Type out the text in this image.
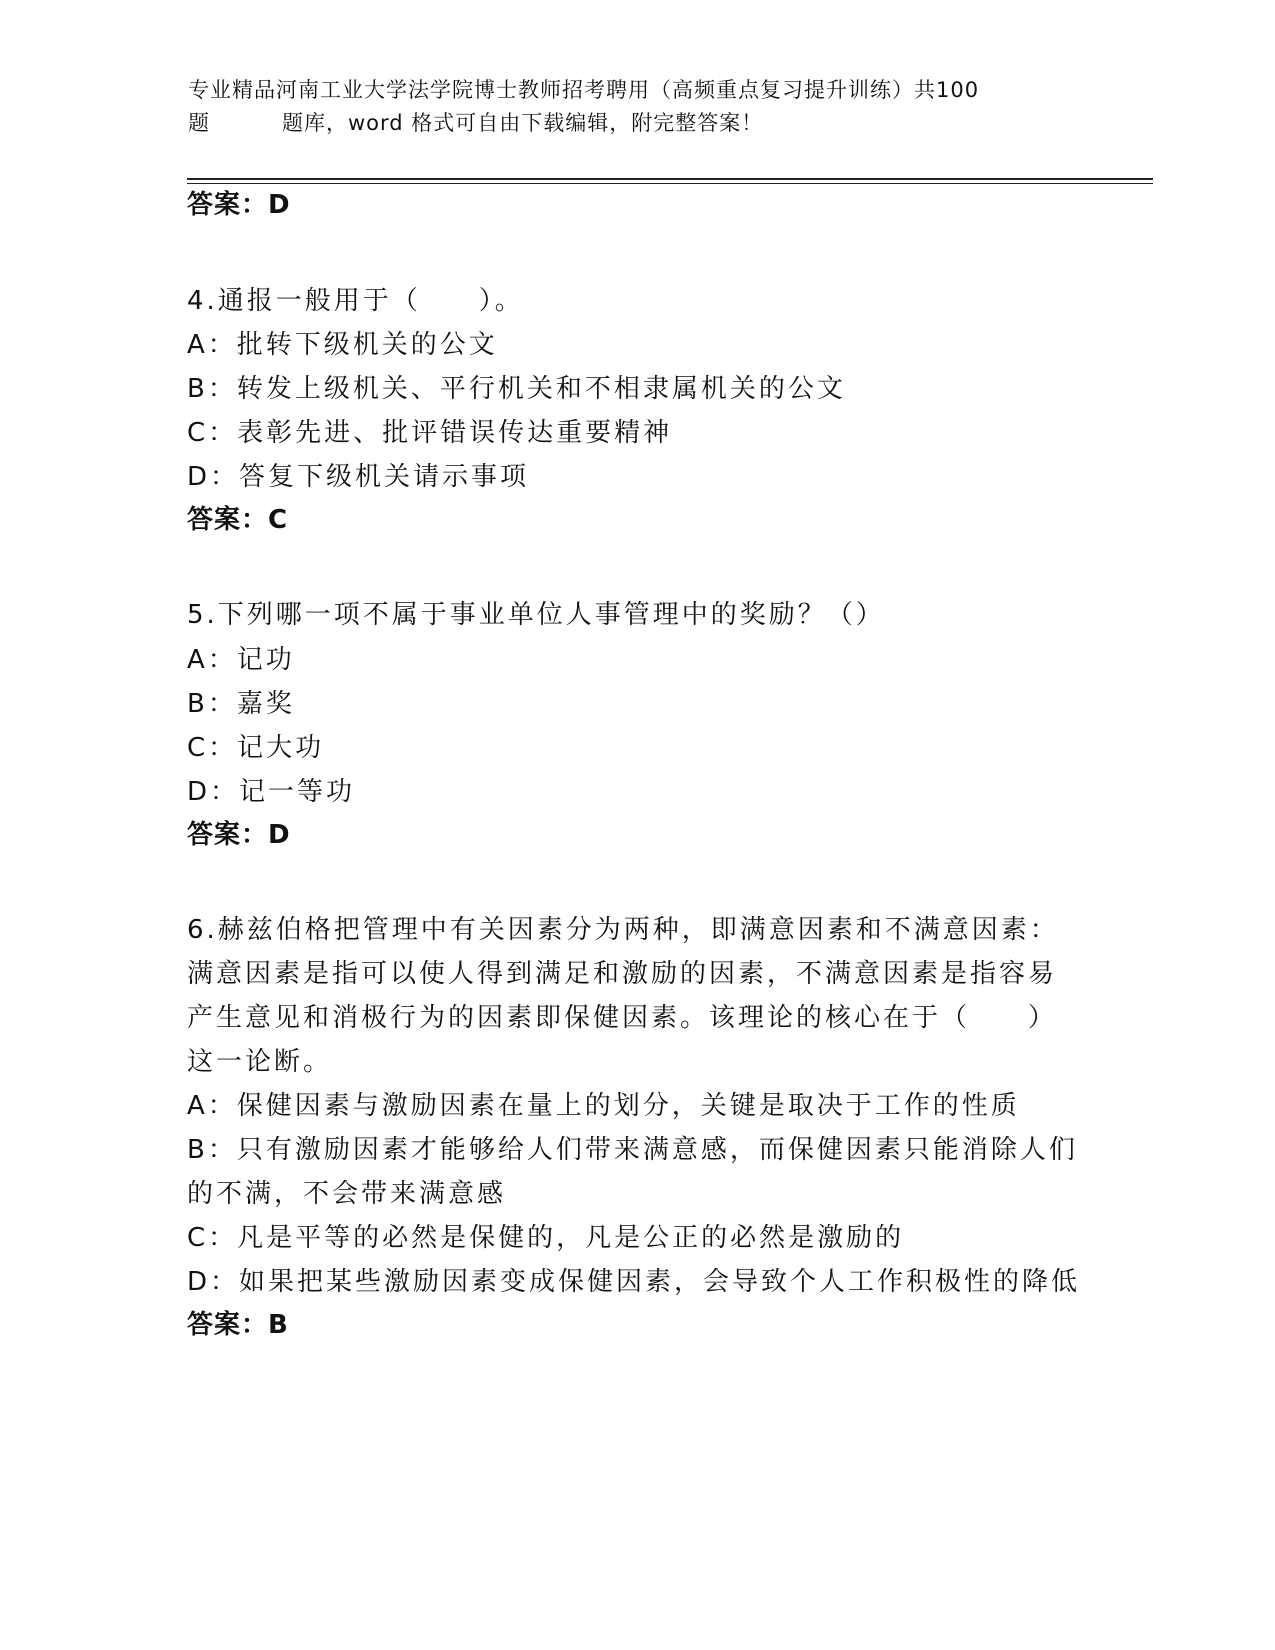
专业精品河南工业大学法学院博士教师招考聘用（高频重点复习提升训练）共100
题	题库，word 格式可自由下载编辑，附完整答案！
答案：D
4.通报一般用于（　　）。
A：批转下级机关的公文
B：转发上级机关、平行机关和不相隶属机关的公文
C：表彰先进、批评错误传达重要精神
D：答复下级机关请示事项
答案：C
5.下列哪一项不属于事业单位人事管理中的奖励？（）
A：记功
B：嘉奖
C：记大功
D：记一等功
答案：D
6.赫兹伯格把管理中有关因素分为两种，即满意因素和不满意因素：
满意因素是指可以使人得到满足和激励的因素，不满意因素是指容易
产生意见和消极行为的因素即保健因素。该理论的核心在于（　　）
这一论断。
A：保健因素与激励因素在量上的划分，关键是取决于工作的性质
B：只有激励因素才能够给人们带来满意感，而保健因素只能消除人们
的不满，不会带来满意感
C：凡是平等的必然是保健的，凡是公正的必然是激励的
D：如果把某些激励因素变成保健因素，会导致个人工作积极性的降低
答案：B
